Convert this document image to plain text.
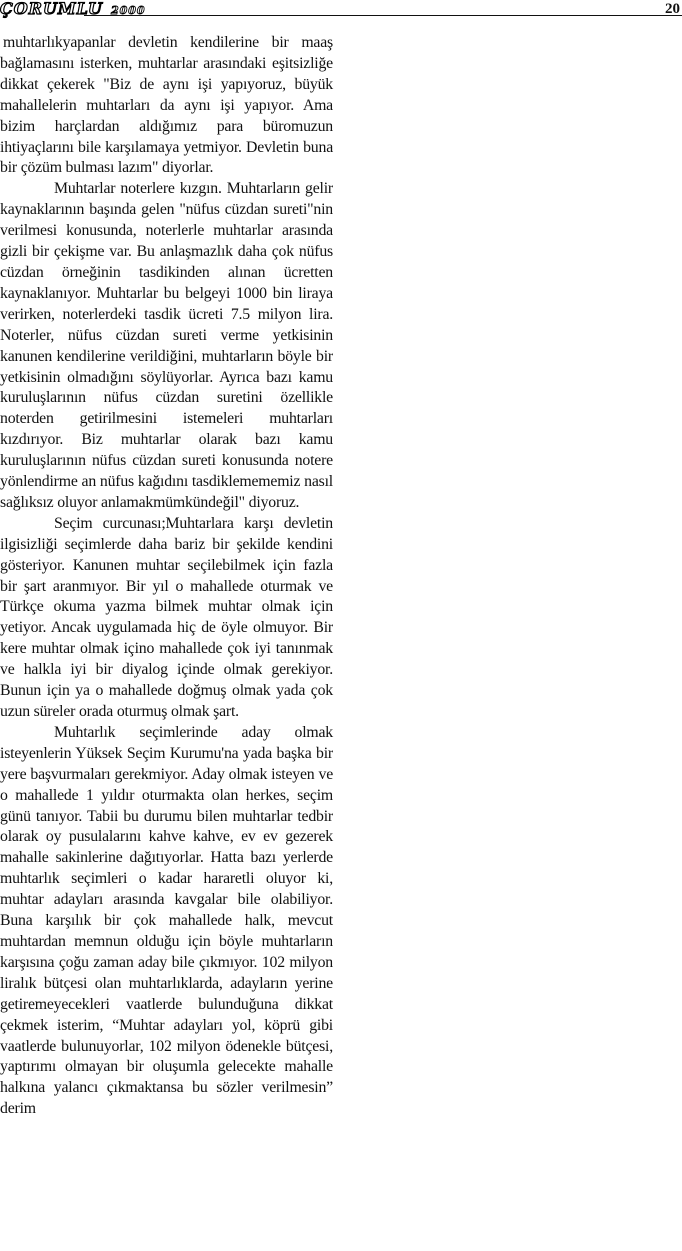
ÇORUMLU 2000	20

muhtarlıkyapanlar devletin kendilerine bir maaş bağlamasını isterken, muhtarlar arasındaki eşitsizliğe dikkat çekerek "Biz de aynı işi yapıyoruz, büyük mahallelerin muhtarları da aynı işi yapıyor. Ama bizim harçlardan aldığımız para büromuzun ihtiyaçlarını bile karşılamaya yetmiyor. Devletin buna bir çözüm bulması lazım" diyorlar.

Muhtarlar noterlere kızgın. Muhtarların gelir kaynaklarının başında gelen "nüfus cüzdan sureti"nin verilmesi konusunda, noterlerle muhtarlar arasında gizli bir çekişme var. Bu anlaşmazlık daha çok nüfus cüzdan örneğinin tasdikinden alınan ücretten kaynaklanıyor. Muhtarlar bu belgeyi 1000 bin liraya verirken, noterlerdeki tasdik ücreti 7.5 milyon lira. Noterler, nüfus cüzdan sureti verme yetkisinin kanunen kendilerine verildiğini, muhtarların böyle bir yetkisinin olmadığını söylüyorlar. Ayrıca bazı kamu kuruluşlarının nüfus cüzdan suretini özellikle noterden getirilmesini istemeleri muhtarları kızdırıyor. Biz muhtarlar olarak bazı kamu kuruluşlarının nüfus cüzdan sureti konusunda notere yönlendirme an nüfus kağıdını tasdiklemememiz nasıl sağlıksız oluyor anlamakmümkündeğil" diyoruz.

Seçim curcunası;Muhtarlara karşı devletin ilgisizliği seçimlerde daha bariz bir şekilde kendini gösteriyor. Kanunen muhtar seçilebilmek için fazla bir şart aranmıyor. Bir yıl o mahallede oturmak ve Türkçe okuma yazma bilmek muhtar olmak için yetiyor. Ancak uygulamada hiç de öyle olmuyor. Bir kere muhtar olmak içino mahallede çok iyi tanınmak ve halkla iyi bir diyalog içinde olmak gerekiyor. Bunun için ya o mahallede doğmuş olmak yada çok uzun süreler orada oturmuş olmak şart.

Muhtarlık seçimlerinde aday olmak isteyenlerin Yüksek Seçim Kurumu'na yada başka bir yere başvurmaları gerekmiyor. Aday olmak isteyen ve o mahallede 1 yıldır oturmakta olan herkes, seçim günü tanıyor. Tabii bu durumu bilen muhtarlar tedbir olarak oy pusulalarını kahve kahve, ev ev gezerek mahalle sakinlerine dağıtıyorlar. Hatta bazı yerlerde muhtarlık seçimleri o kadar hararetli oluyor ki, muhtar adayları arasında kavgalar bile olabiliyor. Buna karşılık bir çok mahallede halk, mevcut muhtardan memnun olduğu için böyle muhtarların karşısına çoğu zaman aday bile çıkmıyor. 102 milyon liralık bütçesi olan muhtarlıklarda, adayların yerine getiremeyecekleri vaatlerde bulunduğuna dikkat çekmek isterim, “Muhtar adayları yol, köprü gibi vaatlerde bulunuyorlar, 102 milyon ödenekle bütçesi, yaptırımı olmayan bir oluşumla gelecekte mahalle halkına yalancı çıkmaktansa bu sözler verilmesin” derim
